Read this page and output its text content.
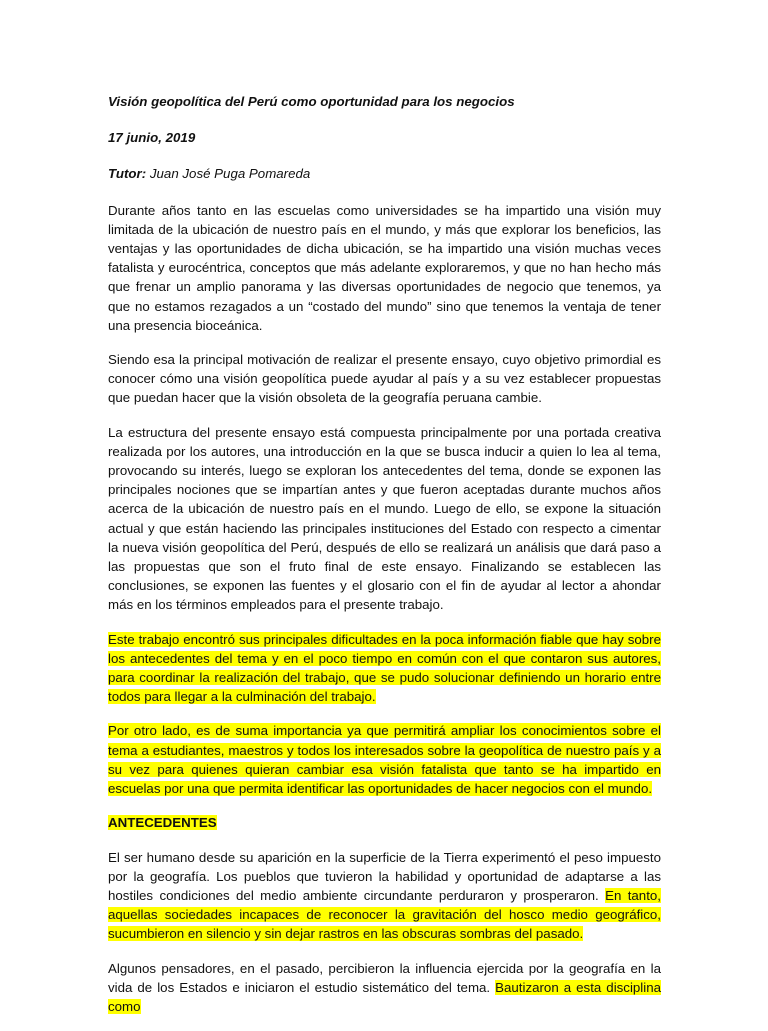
Visión geopolítica del Perú como oportunidad para los negocios
17 junio, 2019
Tutor: Juan José Puga Pomareda

Durante años tanto en las escuelas como universidades se ha impartido una visión muy limitada de la ubicación de nuestro país en el mundo, y más que explorar los beneficios, las ventajas y las oportunidades de dicha ubicación, se ha impartido una visión muchas veces fatalista y eurocéntrica, conceptos que más adelante exploraremos, y que no han hecho más que frenar un amplio panorama y las diversas oportunidades de negocio que tenemos, ya que no estamos rezagados a un “costado del mundo” sino que tenemos la ventaja de tener una presencia bioceánica.

Siendo esa la principal motivación de realizar el presente ensayo, cuyo objetivo primordial es conocer cómo una visión geopolítica puede ayudar al país y a su vez establecer propuestas que puedan hacer que la visión obsoleta de la geografía peruana cambie.

La estructura del presente ensayo está compuesta principalmente por una portada creativa realizada por los autores, una introducción en la que se busca inducir a quien lo lea al tema, provocando su interés, luego se exploran los antecedentes del tema, donde se exponen las principales nociones que se impartían antes y que fueron aceptadas durante muchos años acerca de la ubicación de nuestro país en el mundo. Luego de ello, se expone la situación actual y que están haciendo las principales instituciones del Estado con respecto a cimentar la nueva visión geopolítica del Perú, después de ello se realizará un análisis que dará paso a las propuestas que son el fruto final de este ensayo. Finalizando se establecen las conclusiones, se exponen las fuentes y el glosario con el fin de ayudar al lector a ahondar más en los términos empleados para el presente trabajo.

Este trabajo encontró sus principales dificultades en la poca información fiable que hay sobre los antecedentes del tema y en el poco tiempo en común con el que contaron sus autores, para coordinar la realización del trabajo, que se pudo solucionar definiendo un horario entre todos para llegar a la culminación del trabajo.

Por otro lado, es de suma importancia ya que permitirá ampliar los conocimientos sobre el tema a estudiantes, maestros y todos los interesados sobre la geopolítica de nuestro país y a su vez para quienes quieran cambiar esa visión fatalista que tanto se ha impartido en escuelas por una que permita identificar las oportunidades de hacer negocios con el mundo.

ANTECEDENTES

El ser humano desde su aparición en la superficie de la Tierra experimentó el peso impuesto por la geografía. Los pueblos que tuvieron la habilidad y oportunidad de adaptarse a las hostiles condiciones del medio ambiente circundante perduraron y prosperaron. En tanto, aquellas sociedades incapaces de reconocer la gravitación del hosco medio geográfico, sucumbieron en silencio y sin dejar rastros en las obscuras sombras del pasado.

Algunos pensadores, en el pasado, percibieron la influencia ejercida por la geografía en la vida de los Estados e iniciaron el estudio sistemático del tema. Bautizaron a esta disciplina como
